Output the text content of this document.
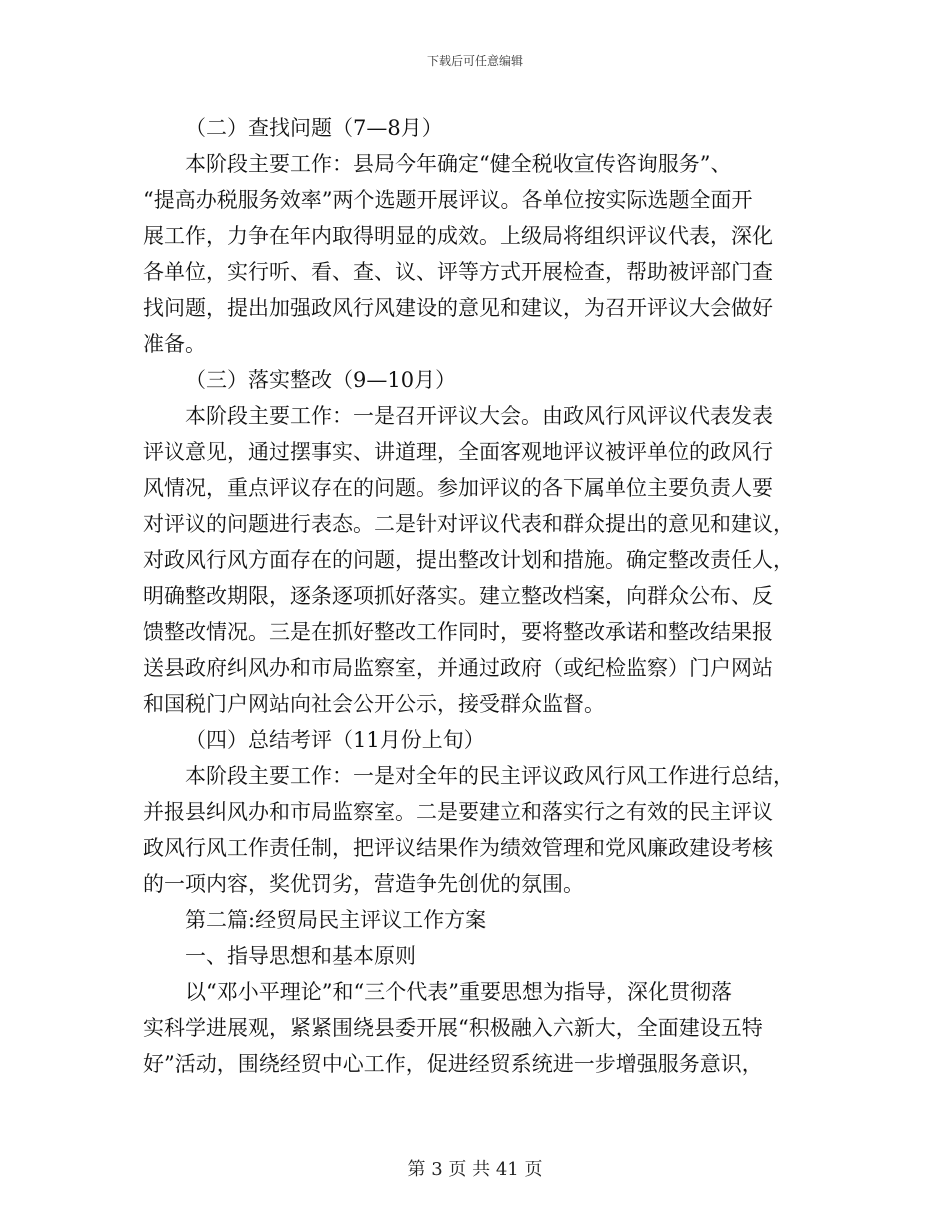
下载后可任意编辑
（二）查找问题（7—8月）
本阶段主要工作：县局今年确定“健全税收宣传咨询服务”、
“提高办税服务效率”两个选题开展评议。各单位按实际选题全面开
展工作，力争在年内取得明显的成效。上级局将组织评议代表，深化
各单位，实行听、看、查、议、评等方式开展检查，帮助被评部门查
找问题，提出加强政风行风建设的意见和建议，为召开评议大会做好
准备。
（三）落实整改（9—10月）
本阶段主要工作：一是召开评议大会。由政风行风评议代表发表
评议意见，通过摆事实、讲道理，全面客观地评议被评单位的政风行
风情况，重点评议存在的问题。参加评议的各下属单位主要负责人要
对评议的问题进行表态。二是针对评议代表和群众提出的意见和建议，
对政风行风方面存在的问题，提出整改计划和措施。确定整改责任人，
明确整改期限，逐条逐项抓好落实。建立整改档案，向群众公布、反
馈整改情况。三是在抓好整改工作同时，要将整改承诺和整改结果报
送县政府纠风办和市局监察室，并通过政府（或纪检监察）门户网站
和国税门户网站向社会公开公示，接受群众监督。
（四）总结考评（11月份上旬）
本阶段主要工作：一是对全年的民主评议政风行风工作进行总结，
并报县纠风办和市局监察室。二是要建立和落实行之有效的民主评议
政风行风工作责任制，把评议结果作为绩效管理和党风廉政建设考核
的一项内容，奖优罚劣，营造争先创优的氛围。
第二篇:经贸局民主评议工作方案
一、指导思想和基本原则
以“邓小平理论”和“三个代表”重要思想为指导，深化贯彻落
实科学进展观，紧紧围绕县委开展“积极融入六新大，全面建设五特
好”活动，围绕经贸中心工作，促进经贸系统进一步增强服务意识，
第 3 页 共 41 页
